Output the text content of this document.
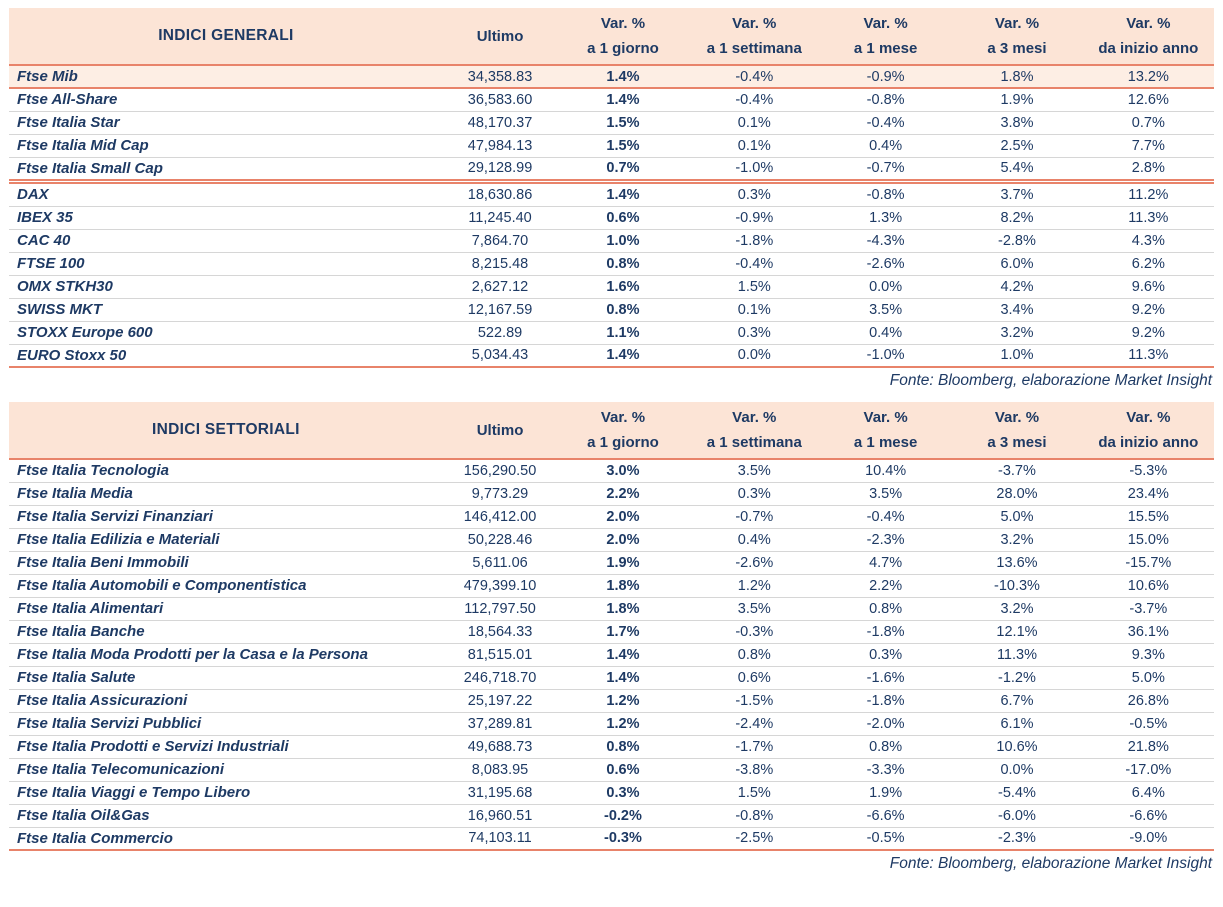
INDICI GENERALI	Ultimo	
Var. %
a 1 giorno

Var. %
a 1 settimana

Var. %
a 1 mese

Var. %
a 3 mesi

Var. %
da inizio anno

Ftse Mib	34,358.83	1.4%	-0.4%	-0.9%	1.8%	13.2%
Ftse All-Share	36,583.60	1.4%	-0.4%	-0.8%	1.9%	12.6%
Ftse Italia Star	48,170.37	1.5%	0.1%	-0.4%	3.8%	0.7%
Ftse Italia Mid Cap	47,984.13	1.5%	0.1%	0.4%	2.5%	7.7%
Ftse Italia Small Cap	29,128.99	0.7%	-1.0%	-0.7%	5.4%	2.8%

DAX	18,630.86	1.4%	0.3%	-0.8%	3.7%	11.2%
IBEX 35	11,245.40	0.6%	-0.9%	1.3%	8.2%	11.3%
CAC 40	7,864.70	1.0%	-1.8%	-4.3%	-2.8%	4.3%
FTSE 100	8,215.48	0.8%	-0.4%	-2.6%	6.0%	6.2%
OMX STKH30	2,627.12	1.6%	1.5%	0.0%	4.2%	9.6%
SWISS MKT	12,167.59	0.8%	0.1%	3.5%	3.4%	9.2%
STOXX Europe 600	522.89	1.1%	0.3%	0.4%	3.2%	9.2%
EURO Stoxx 50	5,034.43	1.4%	0.0%	-1.0%	1.0%	11.3%
Fonte: Bloomberg, elaborazione Market Insight
INDICI SETTORIALI	Ultimo	
Var. %
a 1 giorno

Var. %
a 1 settimana

Var. %
a 1 mese

Var. %
a 3 mesi

Var. %
da inizio anno

Ftse Italia Tecnologia	156,290.50	3.0%	3.5%	10.4%	-3.7%	-5.3%
Ftse Italia Media	9,773.29	2.2%	0.3%	3.5%	28.0%	23.4%
Ftse Italia Servizi Finanziari	146,412.00	2.0%	-0.7%	-0.4%	5.0%	15.5%
Ftse Italia Edilizia e Materiali	50,228.46	2.0%	0.4%	-2.3%	3.2%	15.0%
Ftse Italia Beni Immobili	5,611.06	1.9%	-2.6%	4.7%	13.6%	-15.7%
Ftse Italia Automobili e Componentistica	479,399.10	1.8%	1.2%	2.2%	-10.3%	10.6%
Ftse Italia Alimentari	112,797.50	1.8%	3.5%	0.8%	3.2%	-3.7%
Ftse Italia Banche	18,564.33	1.7%	-0.3%	-1.8%	12.1%	36.1%
Ftse Italia Moda Prodotti per la Casa e la Persona	81,515.01	1.4%	0.8%	0.3%	11.3%	9.3%
Ftse Italia Salute	246,718.70	1.4%	0.6%	-1.6%	-1.2%	5.0%
Ftse Italia Assicurazioni	25,197.22	1.2%	-1.5%	-1.8%	6.7%	26.8%
Ftse Italia Servizi Pubblici	37,289.81	1.2%	-2.4%	-2.0%	6.1%	-0.5%
Ftse Italia Prodotti e Servizi Industriali	49,688.73	0.8%	-1.7%	0.8%	10.6%	21.8%
Ftse Italia Telecomunicazioni	8,083.95	0.6%	-3.8%	-3.3%	0.0%	-17.0%
Ftse Italia Viaggi e Tempo Libero	31,195.68	0.3%	1.5%	1.9%	-5.4%	6.4%
Ftse Italia Oil&Gas	16,960.51	-0.2%	-0.8%	-6.6%	-6.0%	-6.6%
Ftse Italia Commercio	74,103.11	-0.3%	-2.5%	-0.5%	-2.3%	-9.0%
Fonte: Bloomberg, elaborazione Market Insight
